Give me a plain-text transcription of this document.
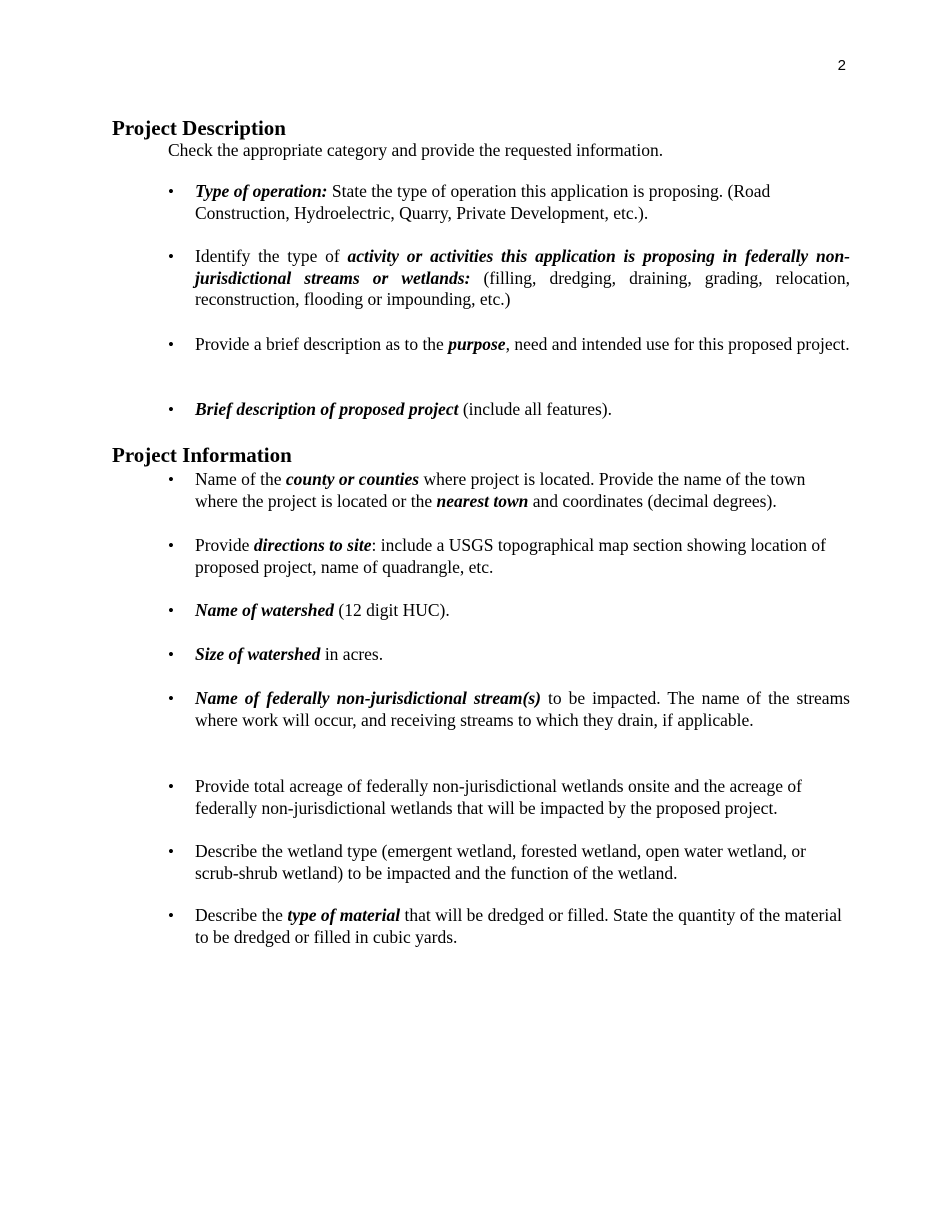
2
Project Description

Check the appropriate category and provide the requested information.

• Type of operation: State the type of operation this application is proposing. (Road Construction, Hydroelectric, Quarry, Private Development, etc.).
• Identify the type of activity or activities this application is proposing in federally non-jurisdictional streams or wetlands: (filling, dredging, draining, grading, relocation, reconstruction, flooding or impounding, etc.)
• Provide a brief description as to the purpose, need and intended use for this proposed project.
• Brief description of proposed project (include all features).
Project Information
• Name of the county or counties where project is located. Provide the name of the town where the project is located or the nearest town and coordinates (decimal degrees).
• Provide directions to site: include a USGS topographical map section showing location of proposed project, name of quadrangle, etc.
• Name of watershed (12 digit HUC).
• Size of watershed in acres.
• Name of federally non-jurisdictional stream(s) to be impacted. The name of the streams where work will occur, and receiving streams to which they drain, if applicable.
• Provide total acreage of federally non-jurisdictional wetlands onsite and the acreage of federally non-jurisdictional wetlands that will be impacted by the proposed project.
• Describe the wetland type (emergent wetland, forested wetland, open water wetland, or scrub-shrub wetland) to be impacted and the function of the wetland.
• Describe the type of material that will be dredged or filled. State the quantity of the material to be dredged or filled in cubic yards.
